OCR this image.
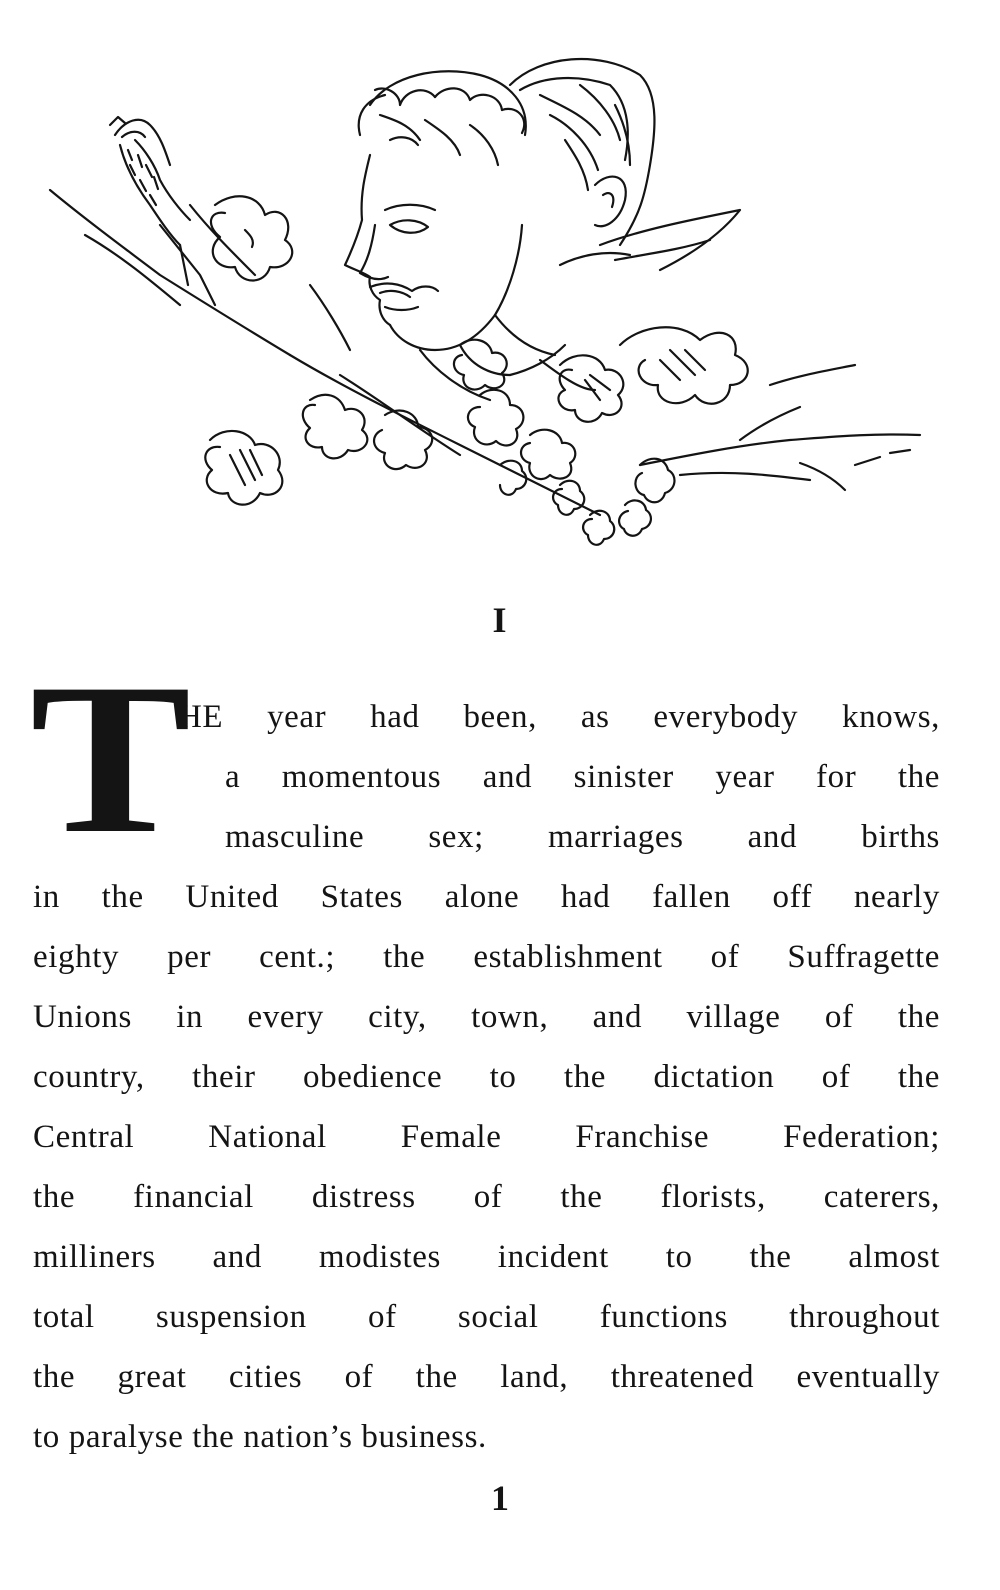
I
T
HE year had been, as everybody knows,
a momentous and sinister year for the
masculine sex; marriages and births
in the United States alone had fallen off nearly
eighty per cent.; the establishment of Suffragette
Unions in every city, town, and village of the
country, their obedience to the dictation of the
Central National Female Franchise Federation;
the financial distress of the florists, caterers,
milliners and modistes incident to the almost
total suspension of social functions throughout
the great cities of the land, threatened eventually
to paralyse the nation’s business.
1
